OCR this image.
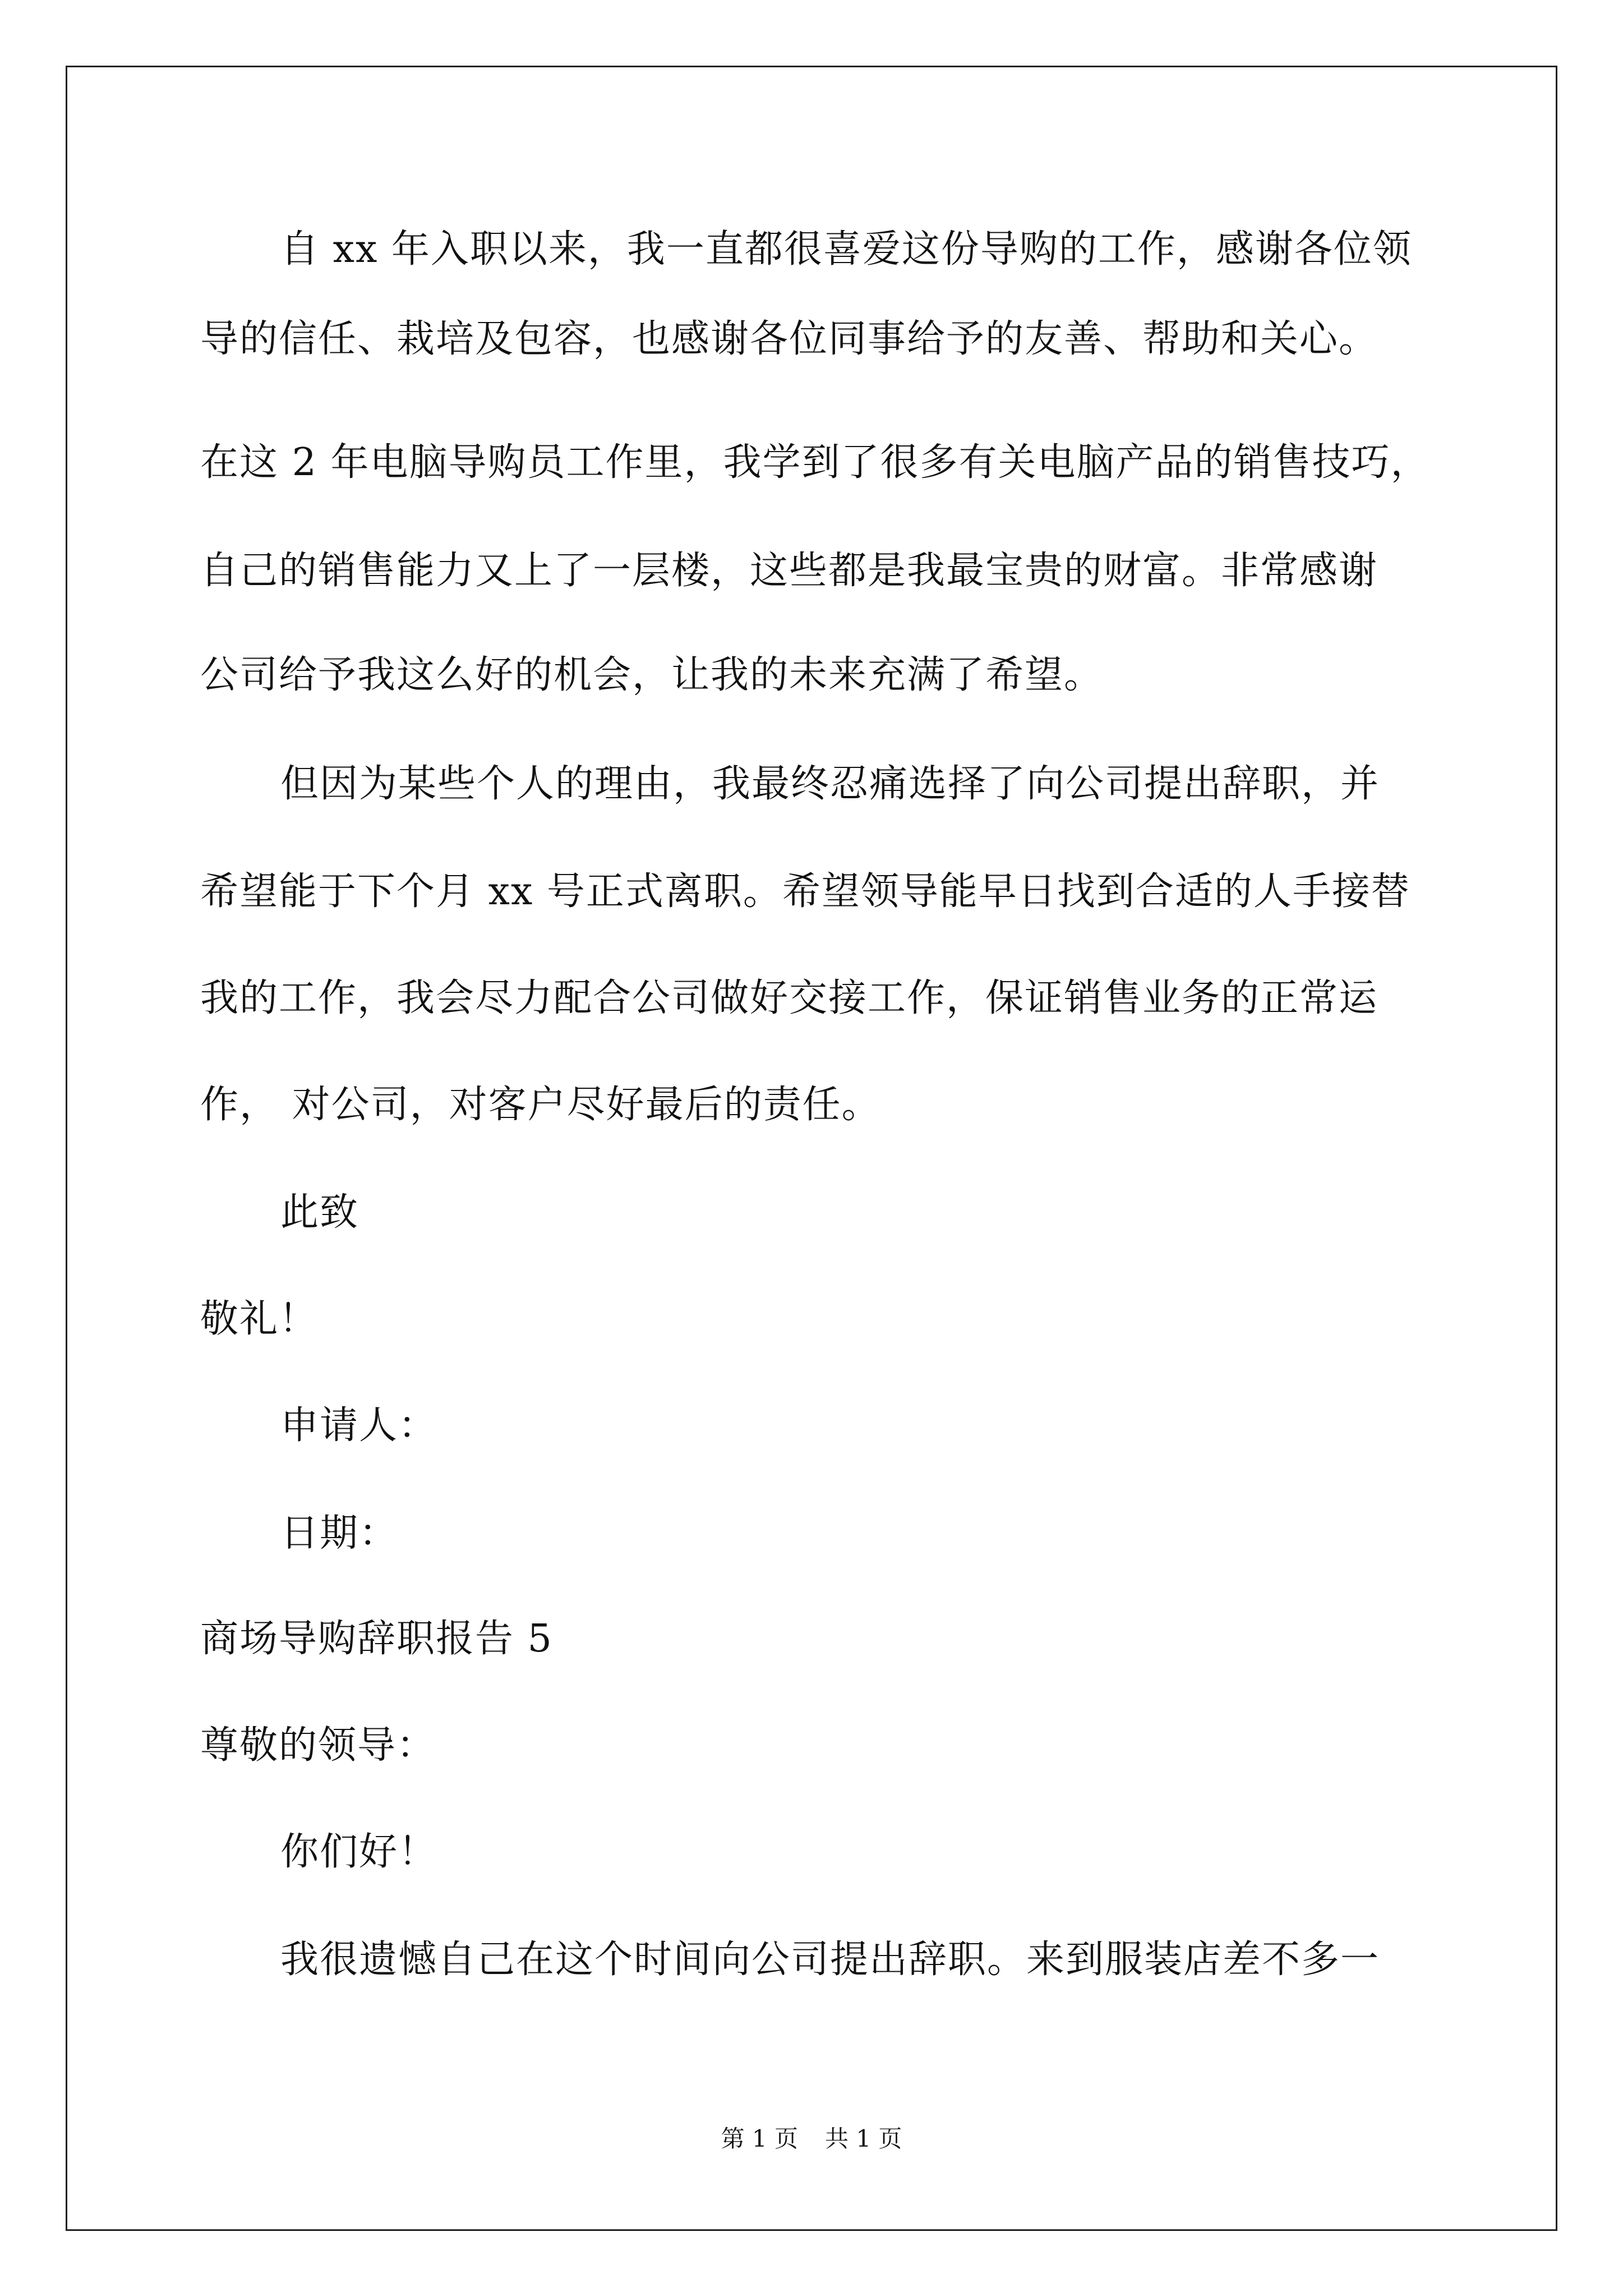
自 xx 年入职以来，我一直都很喜爱这份导购的工作，感谢各位领
导的信任、栽培及包容，也感谢各位同事给予的友善、帮助和关心。
在这 2 年电脑导购员工作里，我学到了很多有关电脑产品的销售技巧，
自己的销售能力又上了一层楼，这些都是我最宝贵的财富。非常感谢
公司给予我这么好的机会，让我的未来充满了希望。
但因为某些个人的理由，我最终忍痛选择了向公司提出辞职，并
希望能于下个月 xx 号正式离职。希望领导能早日找到合适的人手接替
我的工作，我会尽力配合公司做好交接工作，保证销售业务的正常运
作， 对公司，对客户尽好最后的责任。
此致
敬礼！
申请人：
日期：
商场导购辞职报告 5
尊敬的领导：
你们好！
我很遗憾自己在这个时间向公司提出辞职。来到服装店差不多一
第 1 页 共 1 页
